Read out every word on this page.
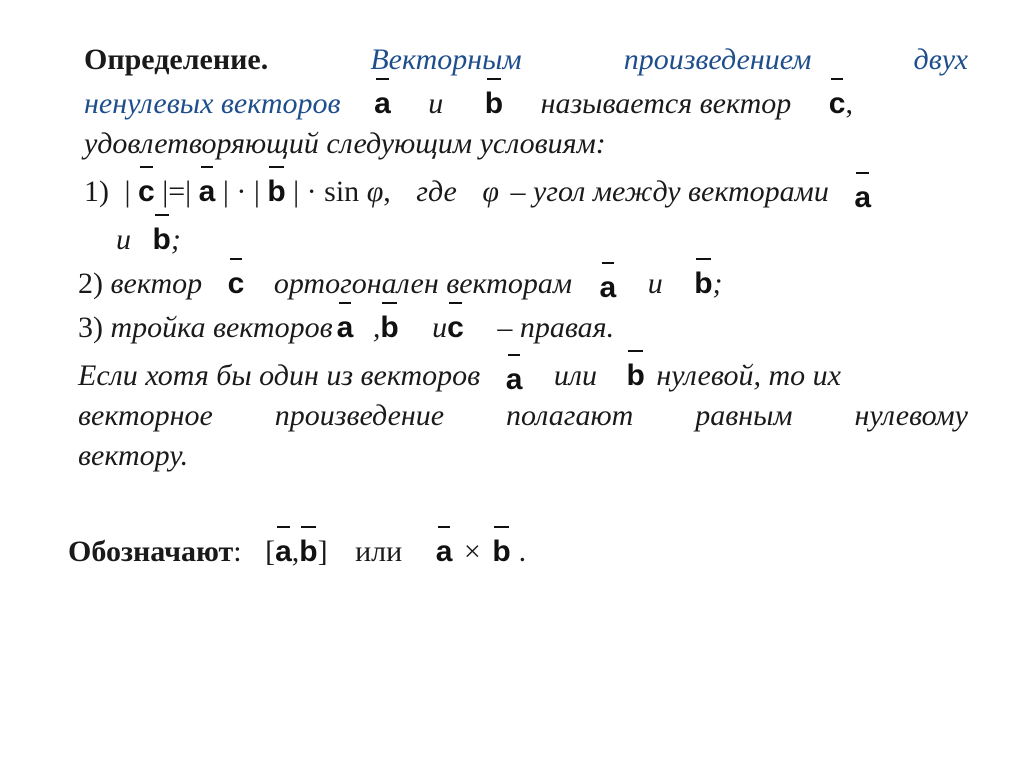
Определение.	Векторным	произведением	двух
ненулевых векторов a и b называется вектор c,
удовлетворяющий следующим условиям:
1) | c |=| a | · | b | · sin φ, где φ – угол между векторами a
и b;
2) вектор c ортогонален векторам a и b;
3) тройка векторов a ,b иc – правая.
Если хотя бы один из векторов a или b нулевой, то их
векторное произведение полагают равным нулевому
вектору.
Обозначают: [a,b] или a × b .
